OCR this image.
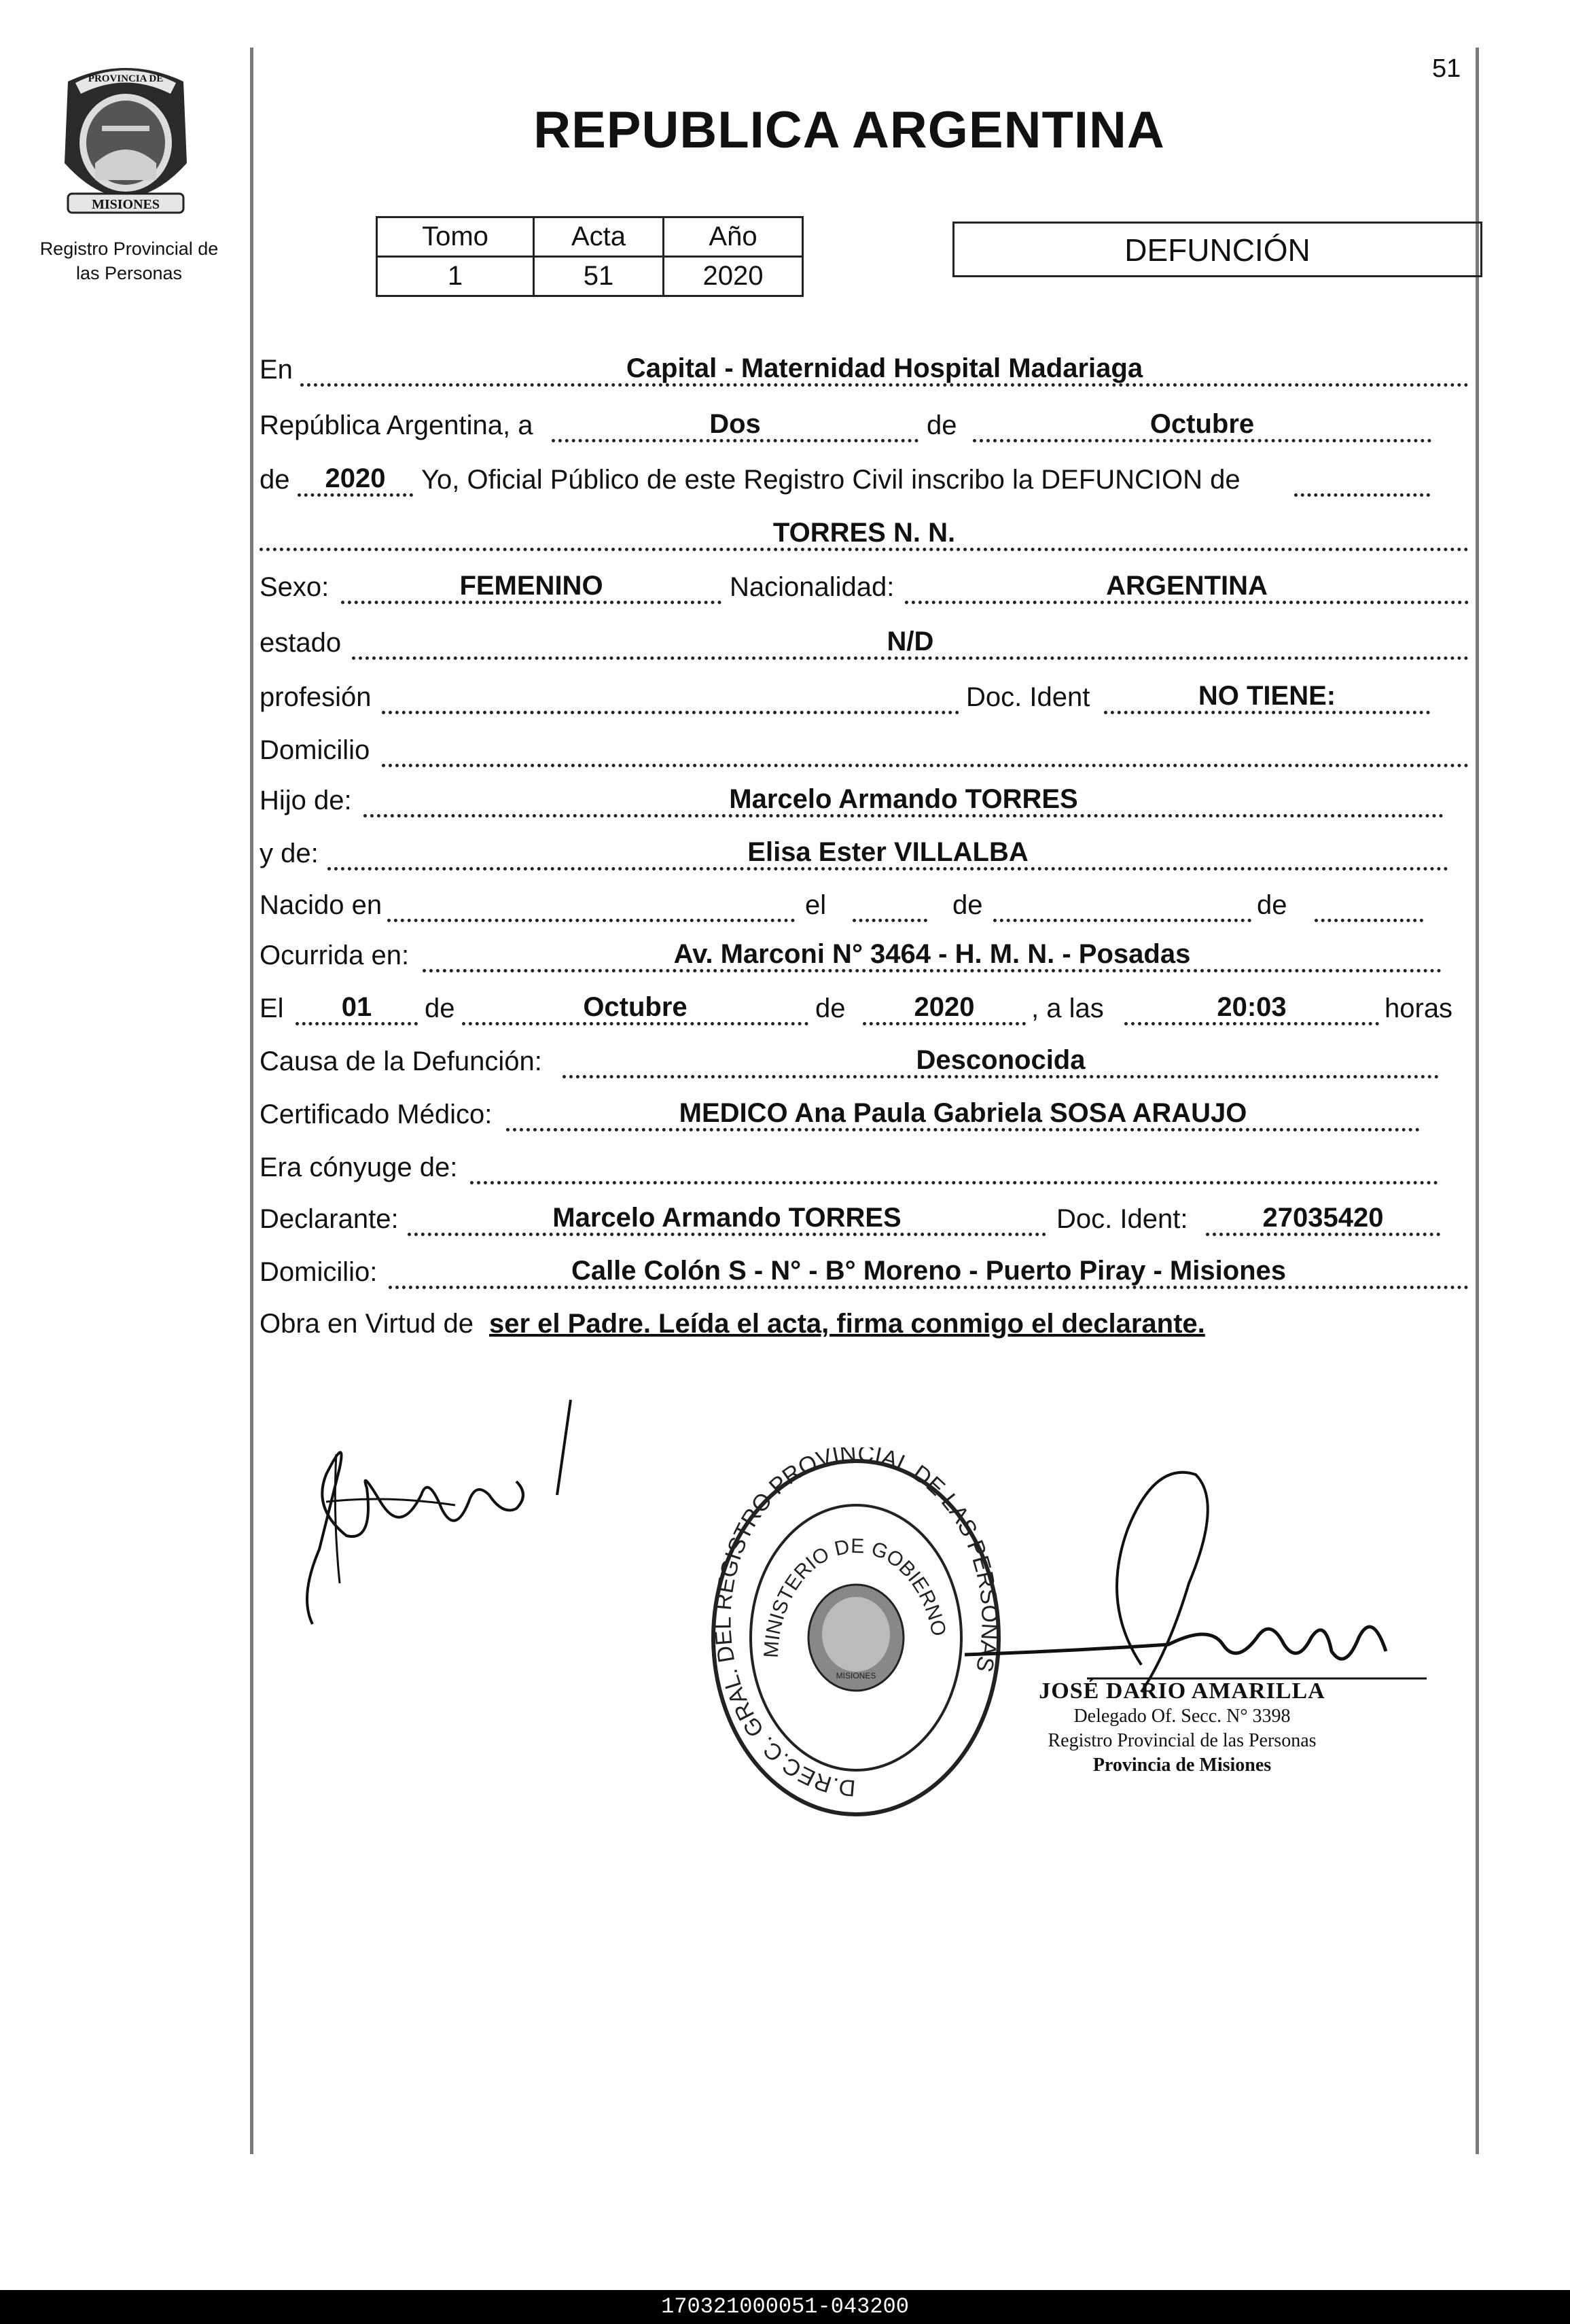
PROVINCIA DE
MISIONES
Registro Provincial de
las Personas
51
REPUBLICA ARGENTINA
Tomo	Acta	Año
1	51	2020
DEFUNCIÓN
En	Capital - Maternidad Hospital Madariaga
República Argentina, a	Dos	de	Octubre
de	2020	Yo, Oficial Público de este Registro Civil inscribo la DEFUNCION de
TORRES N. N.
Sexo:	FEMENINO	Nacionalidad:	ARGENTINA
estado	N/D
profesión	Doc. Ident	NO TIENE:
Domicilio
Hijo de:	Marcelo Armando TORRES
y de:	Elisa Ester VILLALBA
Nacido en	el	de	de
Ocurrida en:	Av. Marconi N° 3464 - H. M. N. - Posadas
El	01	de	Octubre	de	2020	, a las	20:03	horas
Causa de la Defunción:	Desconocida
Certificado Médico:	MEDICO Ana Paula Gabriela SOSA ARAUJO
Era cónyuge de:
Declarante:	Marcelo Armando TORRES	Doc. Ident:	27035420
Domicilio:	Calle Colón S - N° - B° Moreno - Puerto Piray - Misiones
Obra en Virtud de ser el Padre. Leída el acta, firma conmigo el declarante.
D.REC.C. GRAL. DEL REGISTRO PROVINCIAL DE LAS PERSONAS
MINISTERIO DE GOBIERNO
MISIONES
JOSÉ DARIO AMARILLA
Delegado Of. Secc. N° 3398
Registro Provincial de las Personas
Provincia de Misiones
170321000051-043200
